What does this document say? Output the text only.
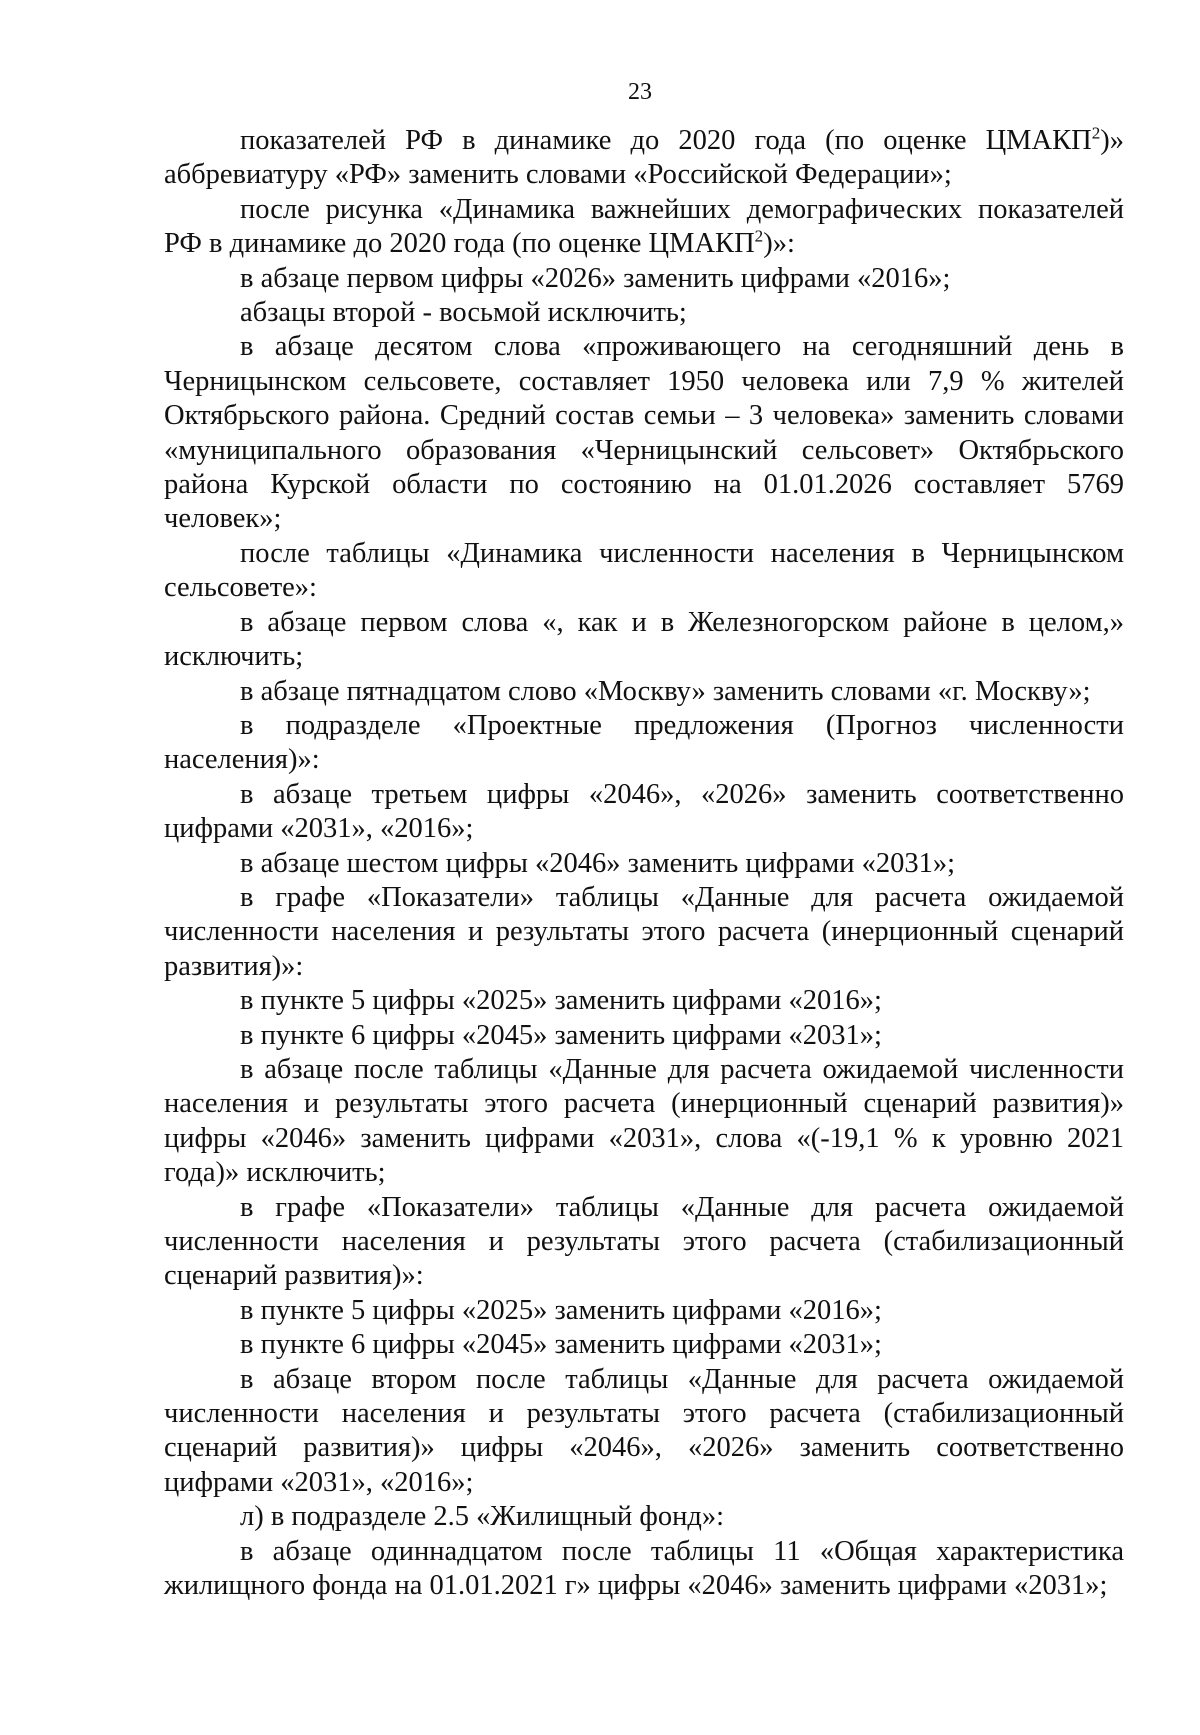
23

показателей РФ в динамике до 2020 года (по оценке ЦМАКП$^2$)» аббревиатуру «РФ» заменить словами «Российской Федерации»;

после рисунка «Динамика важнейших демографических показателей РФ в динамике до 2020 года (по оценке ЦМАКП$^2$)»:

в абзаце первом цифры «2026» заменить цифрами «2016»;

абзацы второй - восьмой исключить;

в абзаце десятом слова «проживающего на сегодняшний день в Черницынском сельсовете, составляет 1950 человека или 7,9 % жителей Октябрьского района. Средний состав семьи – 3 человека» заменить словами «муниципального образования «Черницынский сельсовет» Октябрьского района Курской области по состоянию на 01.01.2026 составляет 5769 человек»;

после таблицы «Динамика численности населения в Черницынском сельсовете»:

в абзаце первом слова «, как и в Железногорском районе в целом,» исключить;

в абзаце пятнадцатом слово «Москву» заменить словами «г. Москву»;

в подразделе «Проектные предложения (Прогноз численности населения)»:

в абзаце третьем цифры «2046», «2026» заменить соответственно цифрами «2031», «2016»;

в абзаце шестом цифры «2046» заменить цифрами «2031»;

в графе «Показатели» таблицы «Данные для расчета ожидаемой численности населения и результаты этого расчета (инерционный сценарий развития)»:

в пункте 5 цифры «2025» заменить цифрами «2016»;

в пункте 6 цифры «2045» заменить цифрами «2031»;

в абзаце после таблицы «Данные для расчета ожидаемой численности населения и результаты этого расчета (инерционный сценарий развития)» цифры «2046» заменить цифрами «2031», слова «(-19,1 % к уровню 2021 года)» исключить;

в графе «Показатели» таблицы «Данные для расчета ожидаемой численности населения и результаты этого расчета (стабилизационный сценарий развития)»:

в пункте 5 цифры «2025» заменить цифрами «2016»;

в пункте 6 цифры «2045» заменить цифрами «2031»;

в абзаце втором после таблицы «Данные для расчета ожидаемой численности населения и результаты этого расчета (стабилизационный сценарий развития)» цифры «2046», «2026» заменить соответственно цифрами «2031», «2016»;

л) в подразделе 2.5 «Жилищный фонд»:

в абзаце одиннадцатом после таблицы 11 «Общая характеристика жилищного фонда на 01.01.2021 г» цифры «2046» заменить цифрами «2031»;
